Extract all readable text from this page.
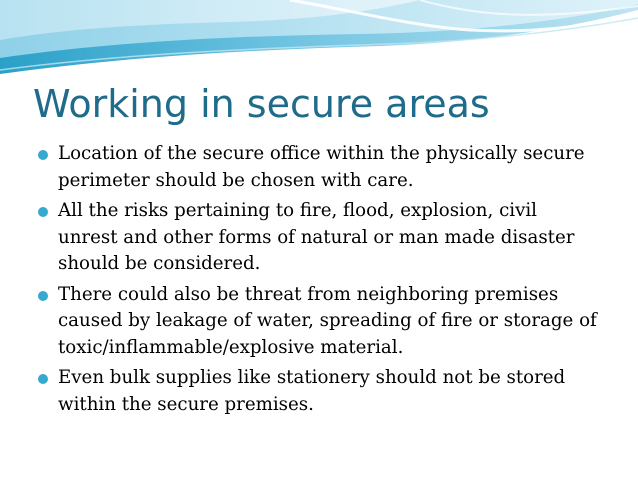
Working in secure areas
Location of the secure office within the physically secure perimeter should be chosen with care.
All the risks pertaining to fire, flood, explosion, civil unrest and other forms of natural or man made disaster should be considered.
There could also be threat from neighboring premises caused by leakage of water, spreading of fire or storage of toxic/inflammable/explosive material.
Even bulk supplies like stationery should not be stored within the secure premises.
